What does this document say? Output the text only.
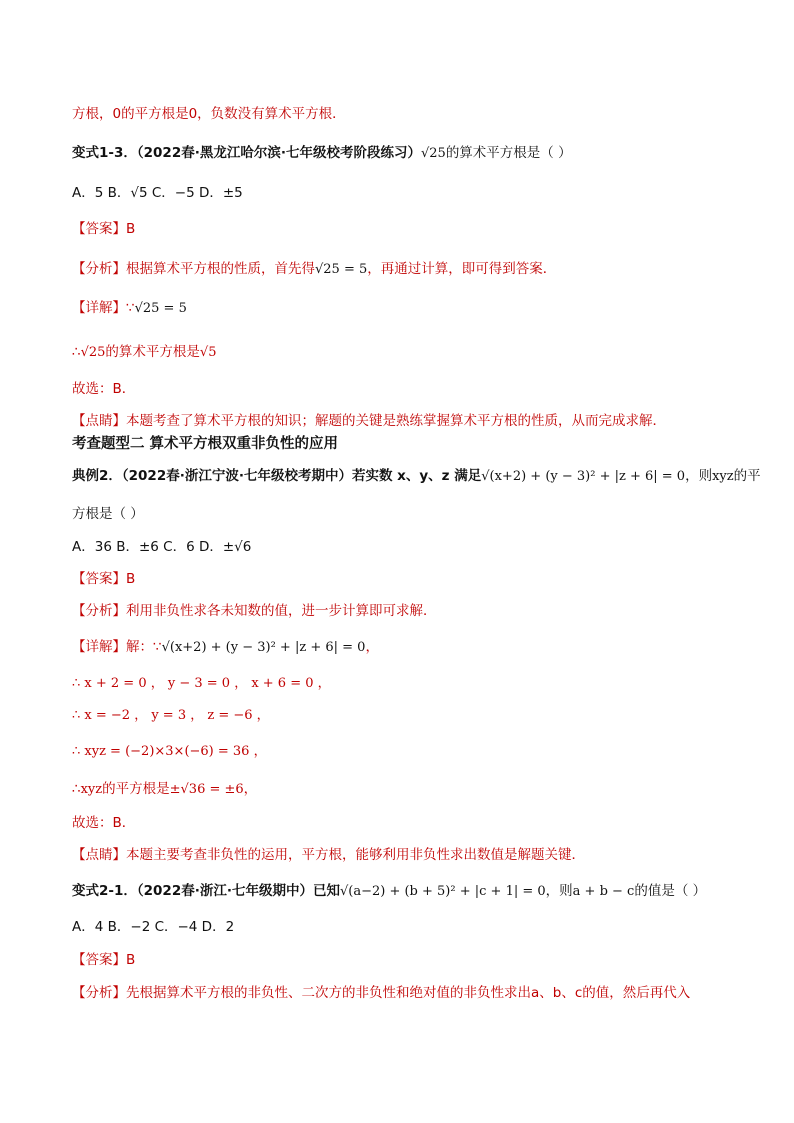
方根，0的平方根是0，负数没有算术平方根．
变式1-3．（2022春·黑龙江哈尔滨·七年级校考阶段练习）√25的算术平方根是（ ）
A．5 B．√5 C．−5 D．±5
【答案】B
【分析】根据算术平方根的性质，首先得√25 = 5，再通过计算，即可得到答案．
【详解】∵√25 = 5
∴√25的算术平方根是√5
故选：B．
【点睛】本题考查了算术平方根的知识；解题的关键是熟练掌握算术平方根的性质，从而完成求解．
考查题型二 算术平方根双重非负性的应用
典例2．（2022春·浙江宁波·七年级校考期中）若实数 x、y、z 满足√(x+2) + (y − 3)² + |z + 6| = 0，则xyz的平
方根是（ ）
A．36 B．±6 C．6 D．±√6
【答案】B
【分析】利用非负性求各未知数的值，进一步计算即可求解．
【详解】解：∵√(x+2) + (y − 3)² + |z + 6| = 0，
∴ x + 2 = 0 ， y − 3 = 0 ， x + 6 = 0 ，
∴ x = −2 ， y = 3 ， z = −6 ，
∴ xyz = (−2)×3×(−6) = 36 ，
∴xyz的平方根是±√36 = ±6，
故选：B．
【点睛】本题主要考查非负性的运用，平方根，能够利用非负性求出数值是解题关键．
变式2-1．（2022春·浙江·七年级期中）已知√(a−2) + (b + 5)² + |c + 1| = 0，则a + b − c的值是（ ）
A．4 B．−2 C．−4 D．2
【答案】B
【分析】先根据算术平方根的非负性、二次方的非负性和绝对值的非负性求出a、b、c的值，然后再代入
